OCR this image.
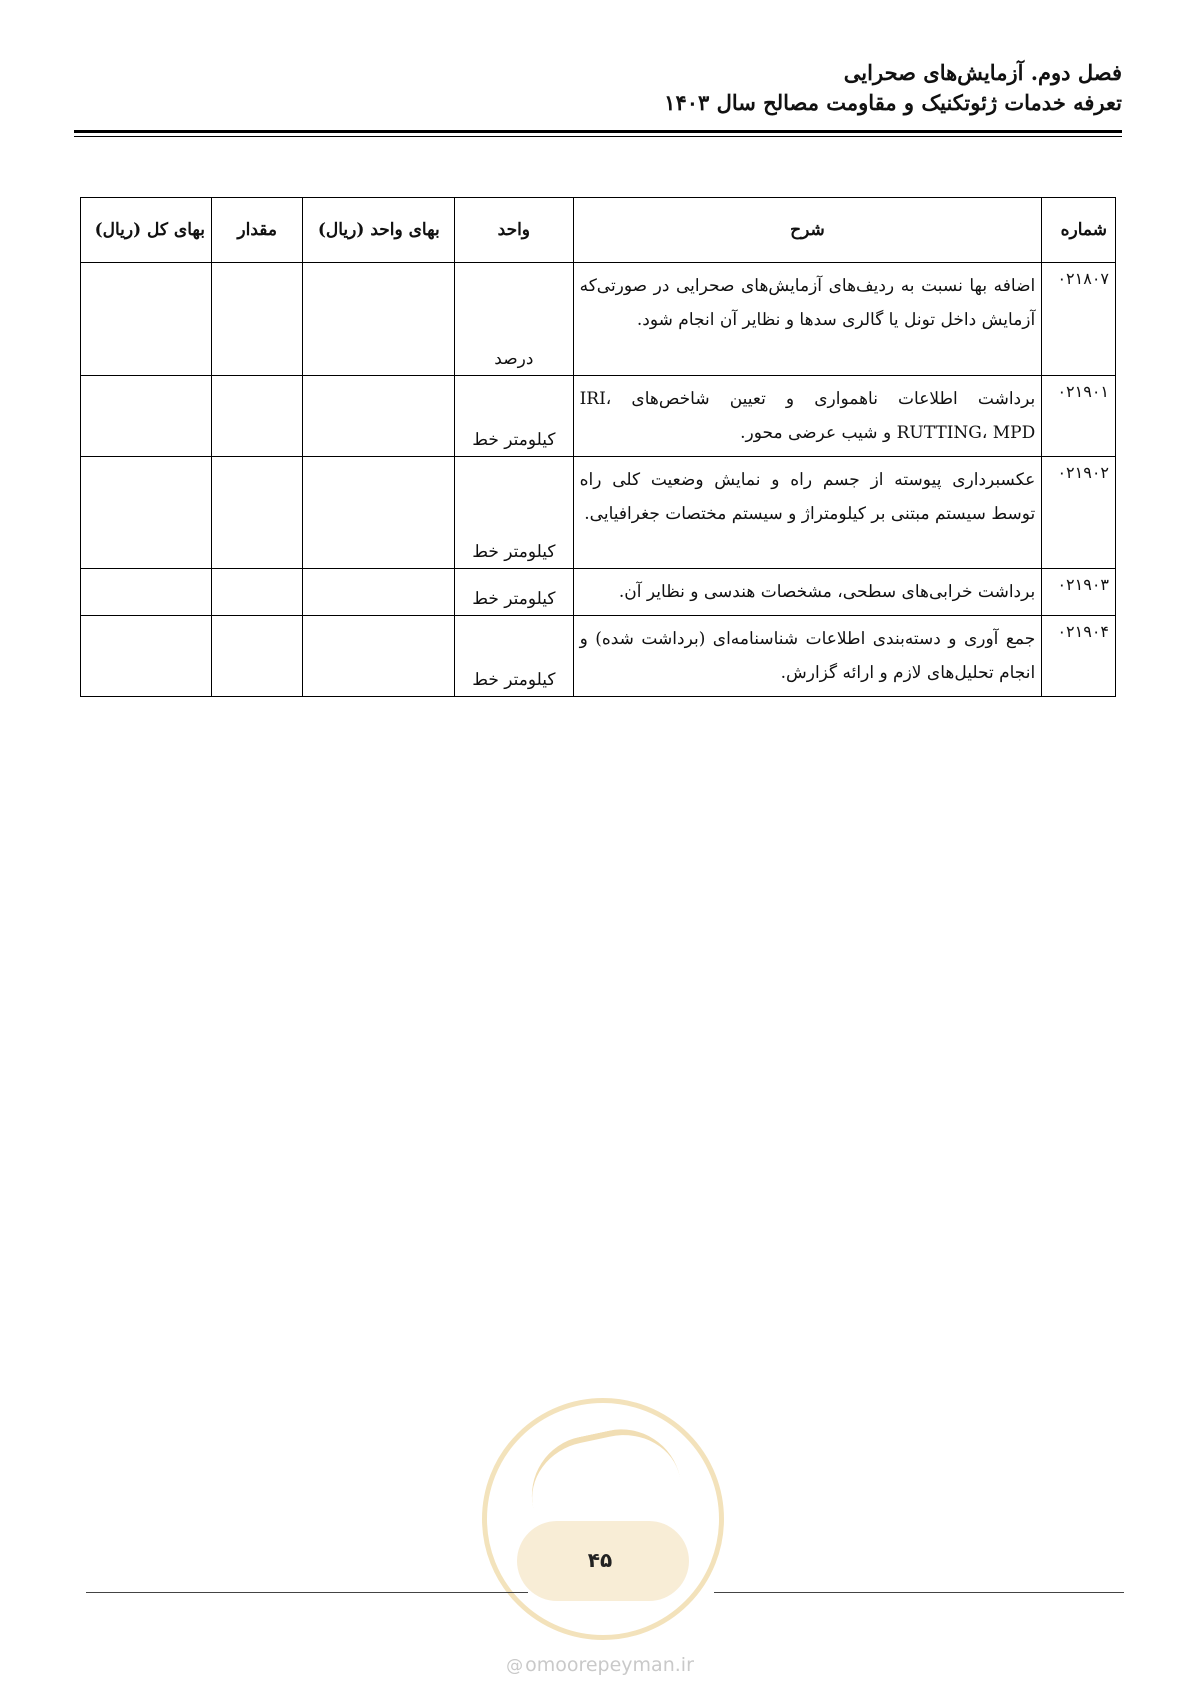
فصل دوم. آزمایش‌های صحرایی
تعرفه خدمات ژئوتکنیک و مقاومت مصالح سال ۱۴۰۳
شماره	شرح	واحد	بهای واحد (ریال)	مقدار	بهای کل (ریال)
۰۲۱۸۰۷	اضافه بها نسبت به ردیف‌های آزمایش‌های صحرایی در صورتی‌که آزمایش داخل تونل یا گالری سدها و نظایر آن انجام شود.	درصد			
۰۲۱۹۰۱	برداشت اطلاعات ناهمواری و تعیین شاخص‌های IRI، RUTTING، MPD و شیب عرضی محور.	کیلومتر خط			
۰۲۱۹۰۲	عکسبرداری پیوسته از جسم راه و نمایش وضعیت کلی راه توسط سیستم مبتنی بر کیلومتراژ و سیستم مختصات جغرافیایی.	کیلومتر خط			
۰۲۱۹۰۳	برداشت خرابی‌های سطحی، مشخصات هندسی و نظایر آن.	کیلومتر خط			
۰۲۱۹۰۴	جمع آوری و دسته‌بندی اطلاعات شناسنامه‌ای (برداشت شده) و انجام تحلیل‌های لازم و ارائه گزارش.	کیلومتر خط			
۴۵
@ omoorepeyman.ir
